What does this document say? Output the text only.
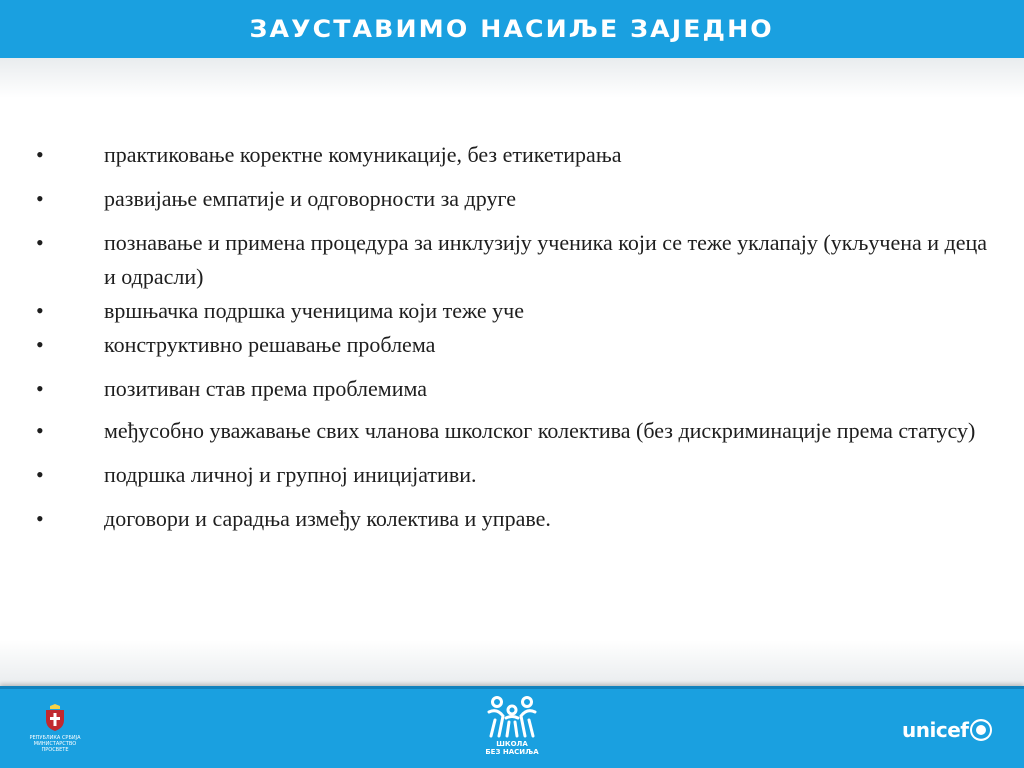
ЗАУСТАВИМО НАСИЉЕ ЗАЈЕДНО
•	практиковање коректне комуникације, без етикетирања
•	развијање емпатије и одговорности за друге
•	познавање и примена процедура за инклузију ученика који се теже уклапају (укључена и деца и одрасли)
•	вршњачка подршка ученицима који теже уче
•	конструктивно решавање проблема
•	позитиван став према проблемима
•	међусобно уважавање свих чланова школског колектива (без дискриминације према статусу)
•	подршка личној и групној иницијативи.
•	договори и сарадња између колектива и управе.
РЕПУБЛИКА СРБИЈА МИНИСТАРСТВО ПРОСВЕТЕ
ШКОЛА
БЕЗ НАСИЉА
unicef
